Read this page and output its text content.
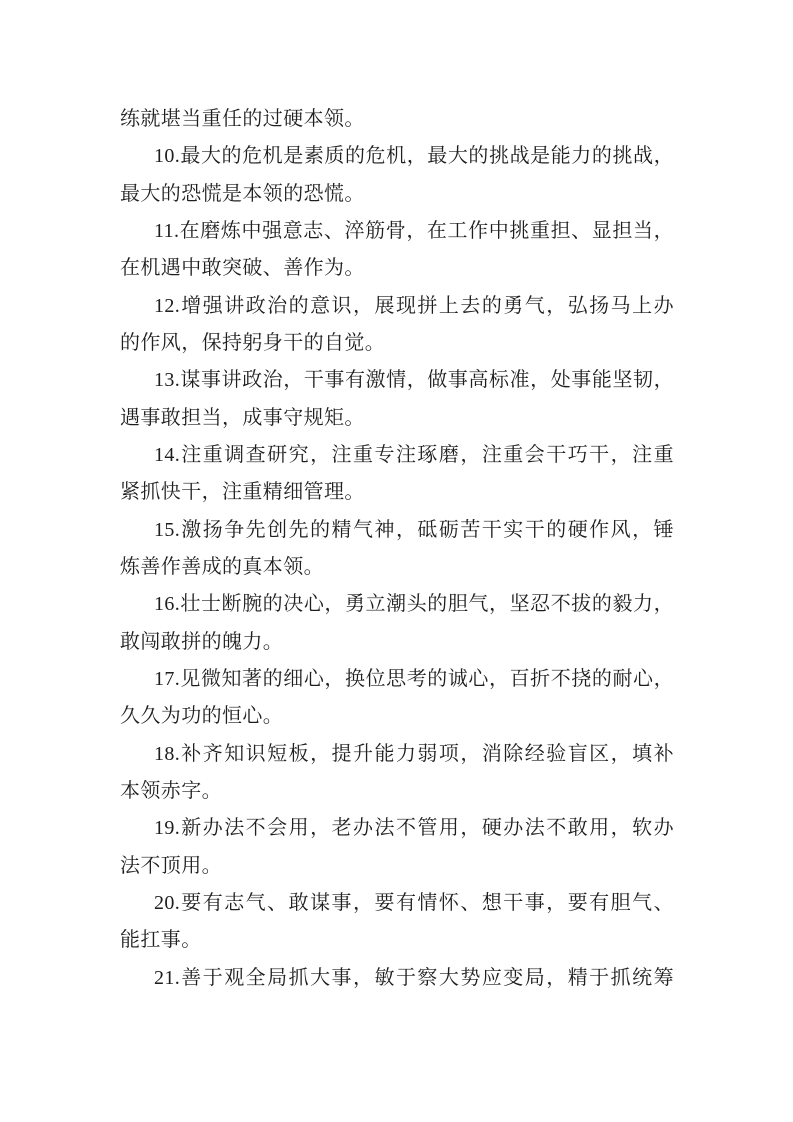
练就堪当重任的过硬本领。
10.最大的危机是素质的危机，最大的挑战是能力的挑战，
最大的恐慌是本领的恐慌。
11.在磨炼中强意志、淬筋骨，在工作中挑重担、显担当，
在机遇中敢突破、善作为。
12.增强讲政治的意识，展现拼上去的勇气，弘扬马上办
的作风，保持躬身干的自觉。
13.谋事讲政治，干事有激情，做事高标准，处事能坚韧，
遇事敢担当，成事守规矩。
14.注重调查研究，注重专注琢磨，注重会干巧干，注重
紧抓快干，注重精细管理。
15.激扬争先创先的精气神，砥砺苦干实干的硬作风，锤
炼善作善成的真本领。
16.壮士断腕的决心，勇立潮头的胆气，坚忍不拔的毅力，
敢闯敢拼的魄力。
17.见微知著的细心，换位思考的诚心，百折不挠的耐心，
久久为功的恒心。
18.补齐知识短板，提升能力弱项，消除经验盲区，填补
本领赤字。
19.新办法不会用，老办法不管用，硬办法不敢用，软办
法不顶用。
20.要有志气、敢谋事，要有情怀、想干事，要有胆气、
能扛事。
21.善于观全局抓大事，敏于察大势应变局，精于抓统筹
